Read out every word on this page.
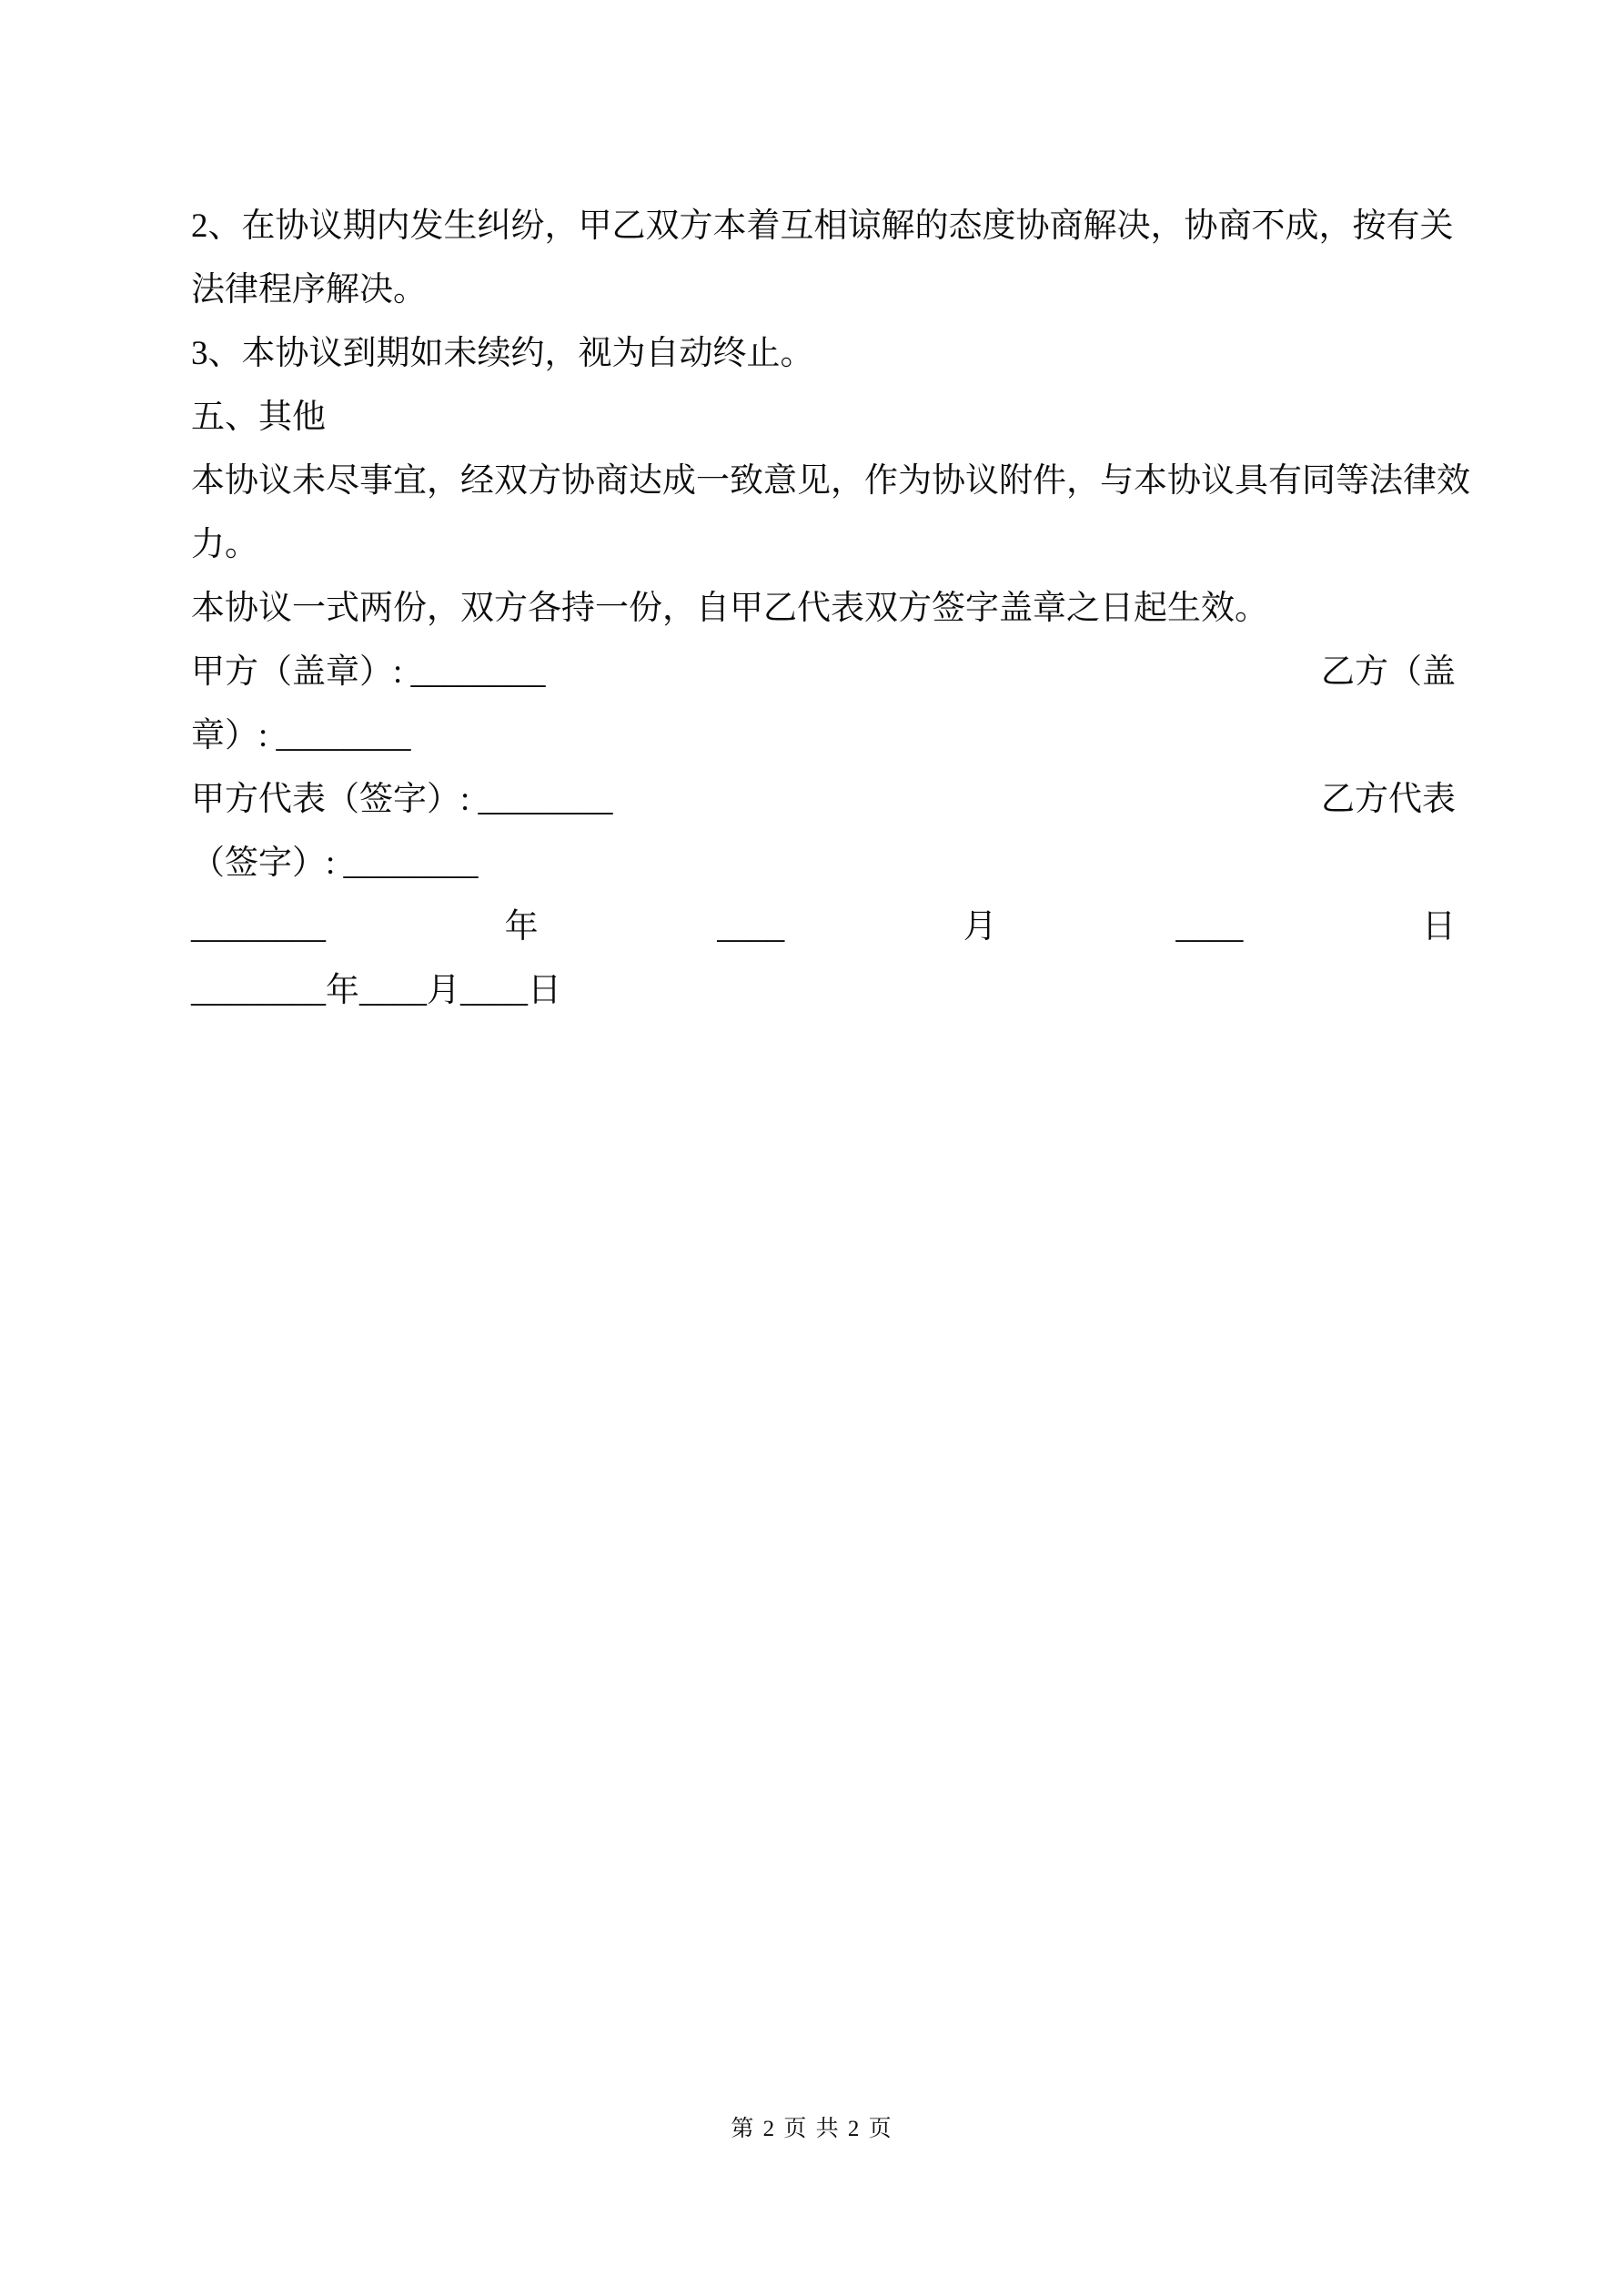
2、在协议期内发生纠纷，甲乙双方本着互相谅解的态度协商解决，协商不成，按有关
法律程序解决。
3、本协议到期如未续约，视为自动终止。
五、其他
本协议未尽事宜，经双方协商达成一致意见，作为协议附件，与本协议具有同等法律效
力。
本协议一式两份，双方各持一份，自甲乙代表双方签字盖章之日起生效。
甲方（盖章）: ________	乙方（盖
章）: ________
甲方代表（签字）: ________	乙方代表
（签字）: ________
________	年	____	月	____	日
________年____月____日
第 2 页 共 2 页
